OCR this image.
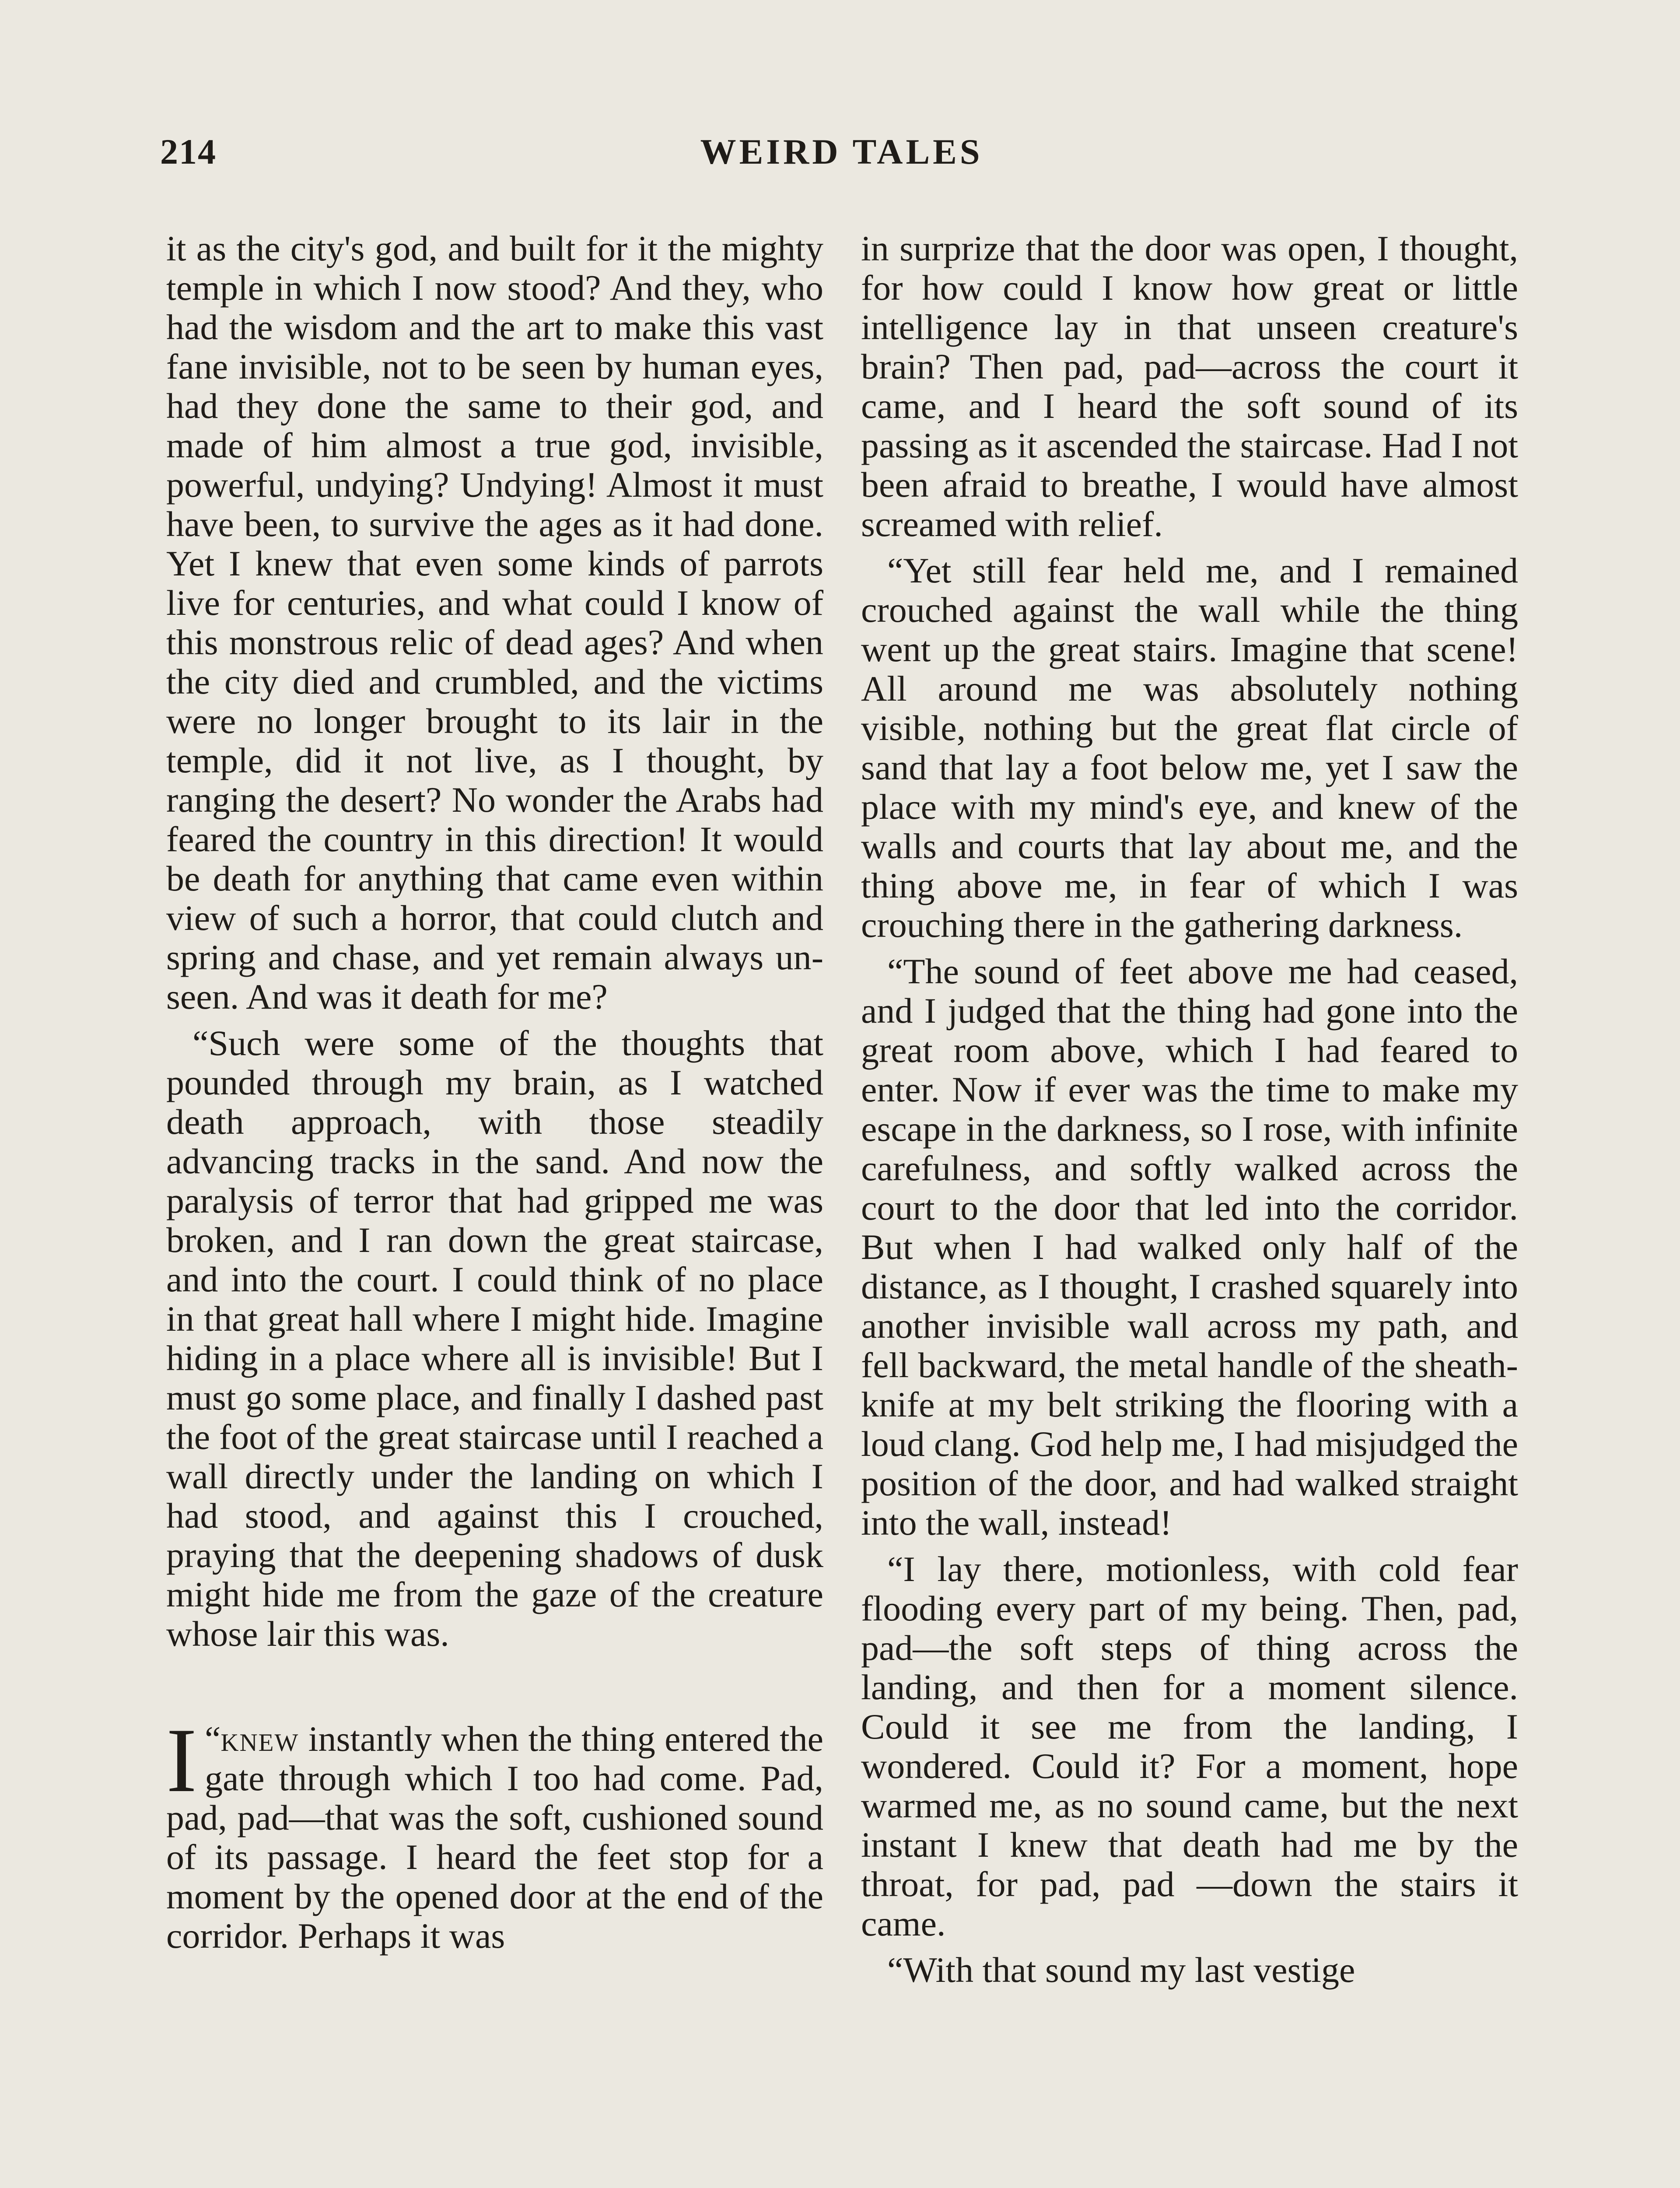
214	WEIRD TALES

it as the city's god, and built for it the mighty temple in which I now stood? And they, who had the wisdom and the art to make this vast fane invisible, not to be seen by human eyes, had they done the same to their god, and made of him almost a true god, invisible, powerful, undying? Undying! Almost it must have been, to survive the ages as it had done. Yet I knew that even some kinds of parrots live for centuries, and what could I know of this monstrous relic of dead ages? And when the city died and crumbled, and the victims were no longer brought to its lair in the temple, did it not live, as I thought, by ranging the desert? No wonder the Arabs had feared the country in this direction! It would be death for anything that came even within view of such a horror, that could clutch and spring and chase, and yet remain always unseen. And was it death for me?

“Such were some of the thoughts that pounded through my brain, as I watched death approach, with those steadily advancing tracks in the sand. And now the paralysis of terror that had gripped me was broken, and I ran down the great staircase, and into the court. I could think of no place in that great hall where I might hide. Imagine hiding in a place where all is invisible! But I must go some place, and finally I dashed past the foot of the great staircase until I reached a wall directly under the landing on which I had stood, and against this I crouched, praying that the deepening shadows of dusk might hide me from the gaze of the creature whose lair this was.

“
I knew instantly when the thing entered the gate through which I too had come. Pad, pad, pad—that was the soft, cushioned sound of its passage. I heard the feet stop for a moment by the opened door at the end of the corridor. Perhaps it was

in surprize that the door was open, I thought, for how could I know how great or little intelligence lay in that unseen creature's brain? Then pad, pad—across the court it came, and I heard the soft sound of its passing as it ascended the staircase. Had I not been afraid to breathe, I would have almost screamed with relief.

“Yet still fear held me, and I remained crouched against the wall while the thing went up the great stairs. Imagine that scene! All around me was absolutely nothing visible, nothing but the great flat circle of sand that lay a foot below me, yet I saw the place with my mind's eye, and knew of the walls and courts that lay about me, and the thing above me, in fear of which I was crouching there in the gathering darkness.

“The sound of feet above me had ceased, and I judged that the thing had gone into the great room above, which I had feared to enter. Now if ever was the time to make my escape in the darkness, so I rose, with infinite carefulness, and softly walked across the court to the door that led into the corridor. But when I had walked only half of the distance, as I thought, I crashed squarely into another invisible wall across my path, and fell backward, the metal handle of the sheath-knife at my belt striking the flooring with a loud clang. God help me, I had misjudged the position of the door, and had walked straight into the wall, instead!

“I lay there, motionless, with cold fear flooding every part of my being. Then, pad, pad—the soft steps of thing across the landing, and then for a moment silence. Could it see me from the landing, I wondered. Could it? For a moment, hope warmed me, as no sound came, but the next instant I knew that death had me by the throat, for pad, pad —down the stairs it came.

“With that sound my last vestige
